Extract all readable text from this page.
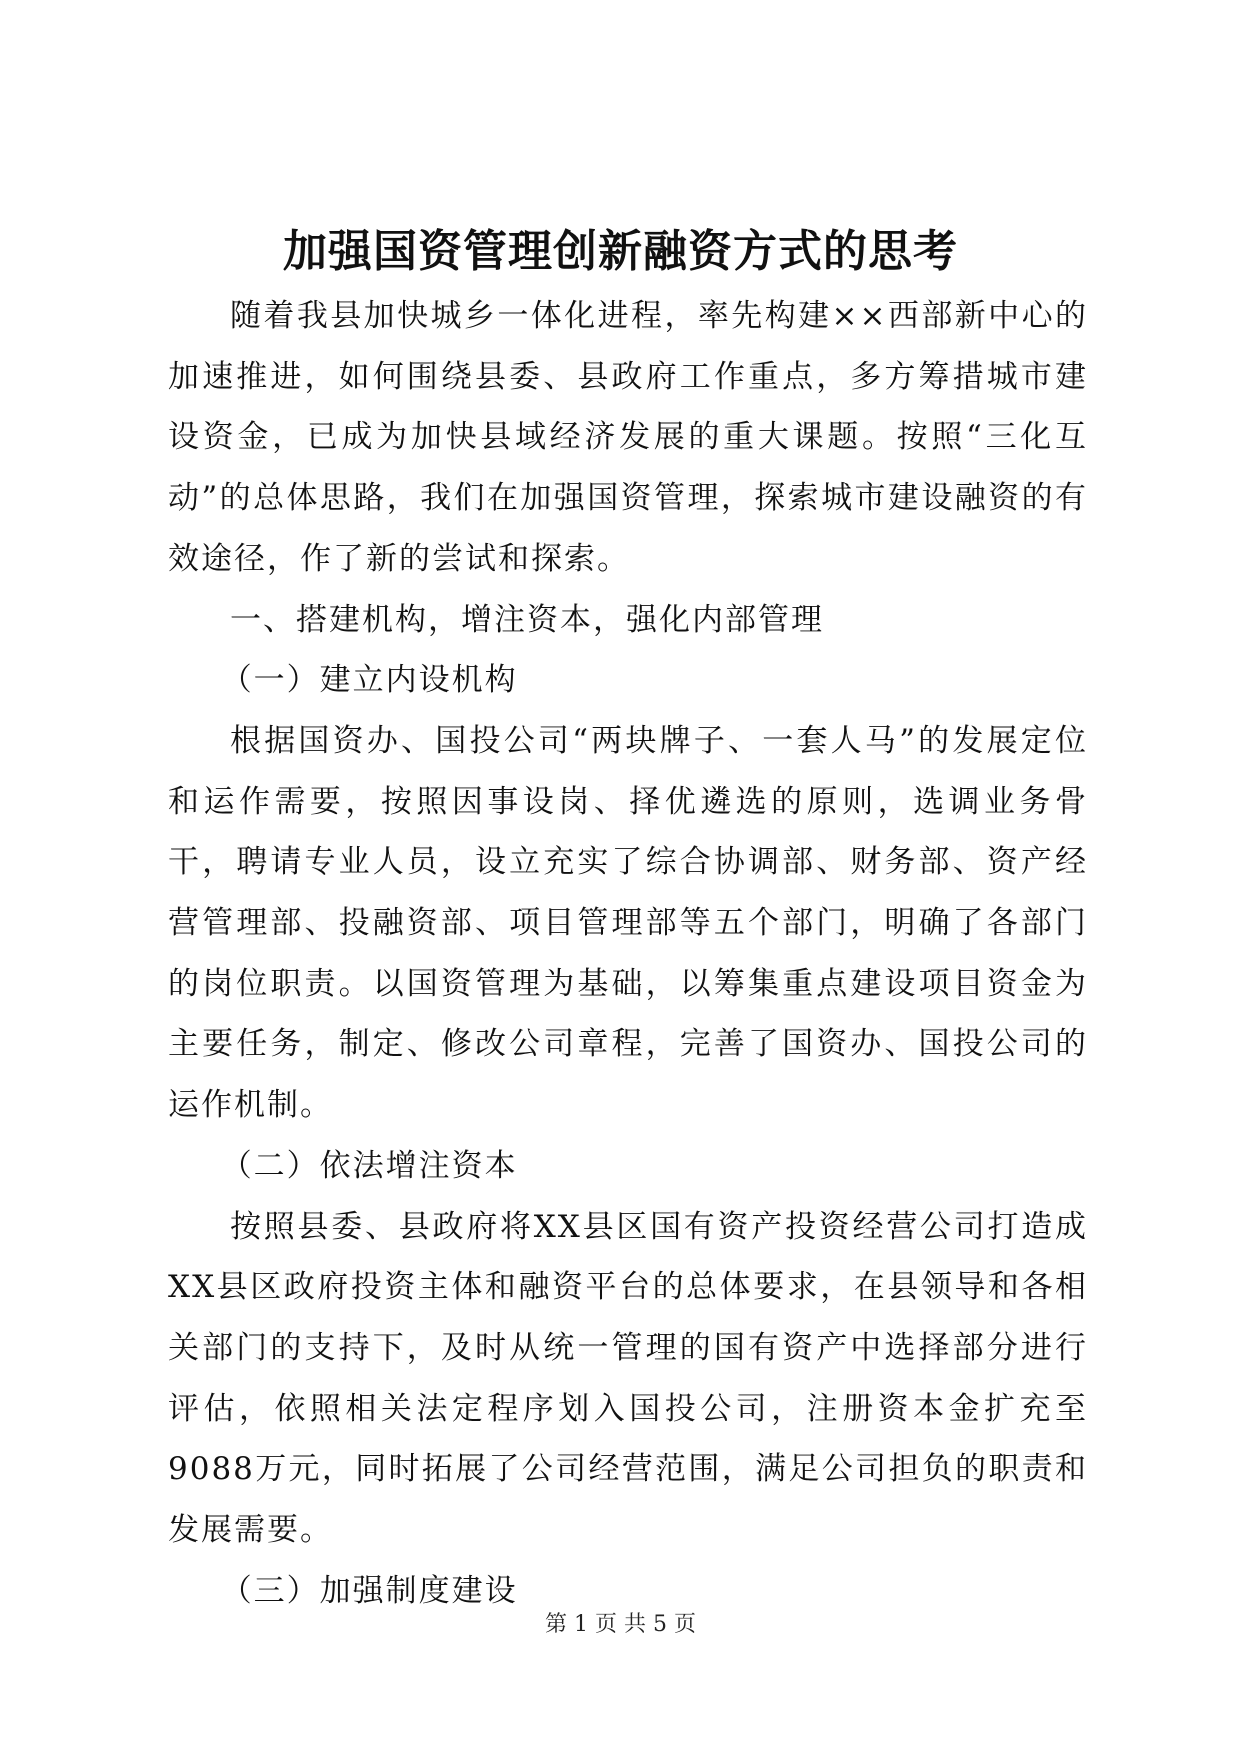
加强国资管理创新融资方式的思考

随着我县加快城乡一体化进程，率先构建××西部新中心的加速推进，如何围绕县委、县政府工作重点，多方筹措城市建设资金，已成为加快县域经济发展的重大课题。按照“三化互动”的总体思路，我们在加强国资管理，探索城市建设融资的有效途径，作了新的尝试和探索。

一、搭建机构，增注资本，强化内部管理

（一）建立内设机构

根据国资办、国投公司“两块牌子、一套人马”的发展定位和运作需要，按照因事设岗、择优遴选的原则，选调业务骨干，聘请专业人员，设立充实了综合协调部、财务部、资产经营管理部、投融资部、项目管理部等五个部门，明确了各部门的岗位职责。以国资管理为基础，以筹集重点建设项目资金为主要任务，制定、修改公司章程，完善了国资办、国投公司的运作机制。

（二）依法增注资本

按照县委、县政府将XX县区国有资产投资经营公司打造成XX县区政府投资主体和融资平台的总体要求，在县领导和各相关部门的支持下，及时从统一管理的国有资产中选择部分进行评估，依照相关法定程序划入国投公司，注册资本金扩充至9088万元，同时拓展了公司经营范围，满足公司担负的职责和发展需要。

（三）加强制度建设

第 1 页 共 5 页
